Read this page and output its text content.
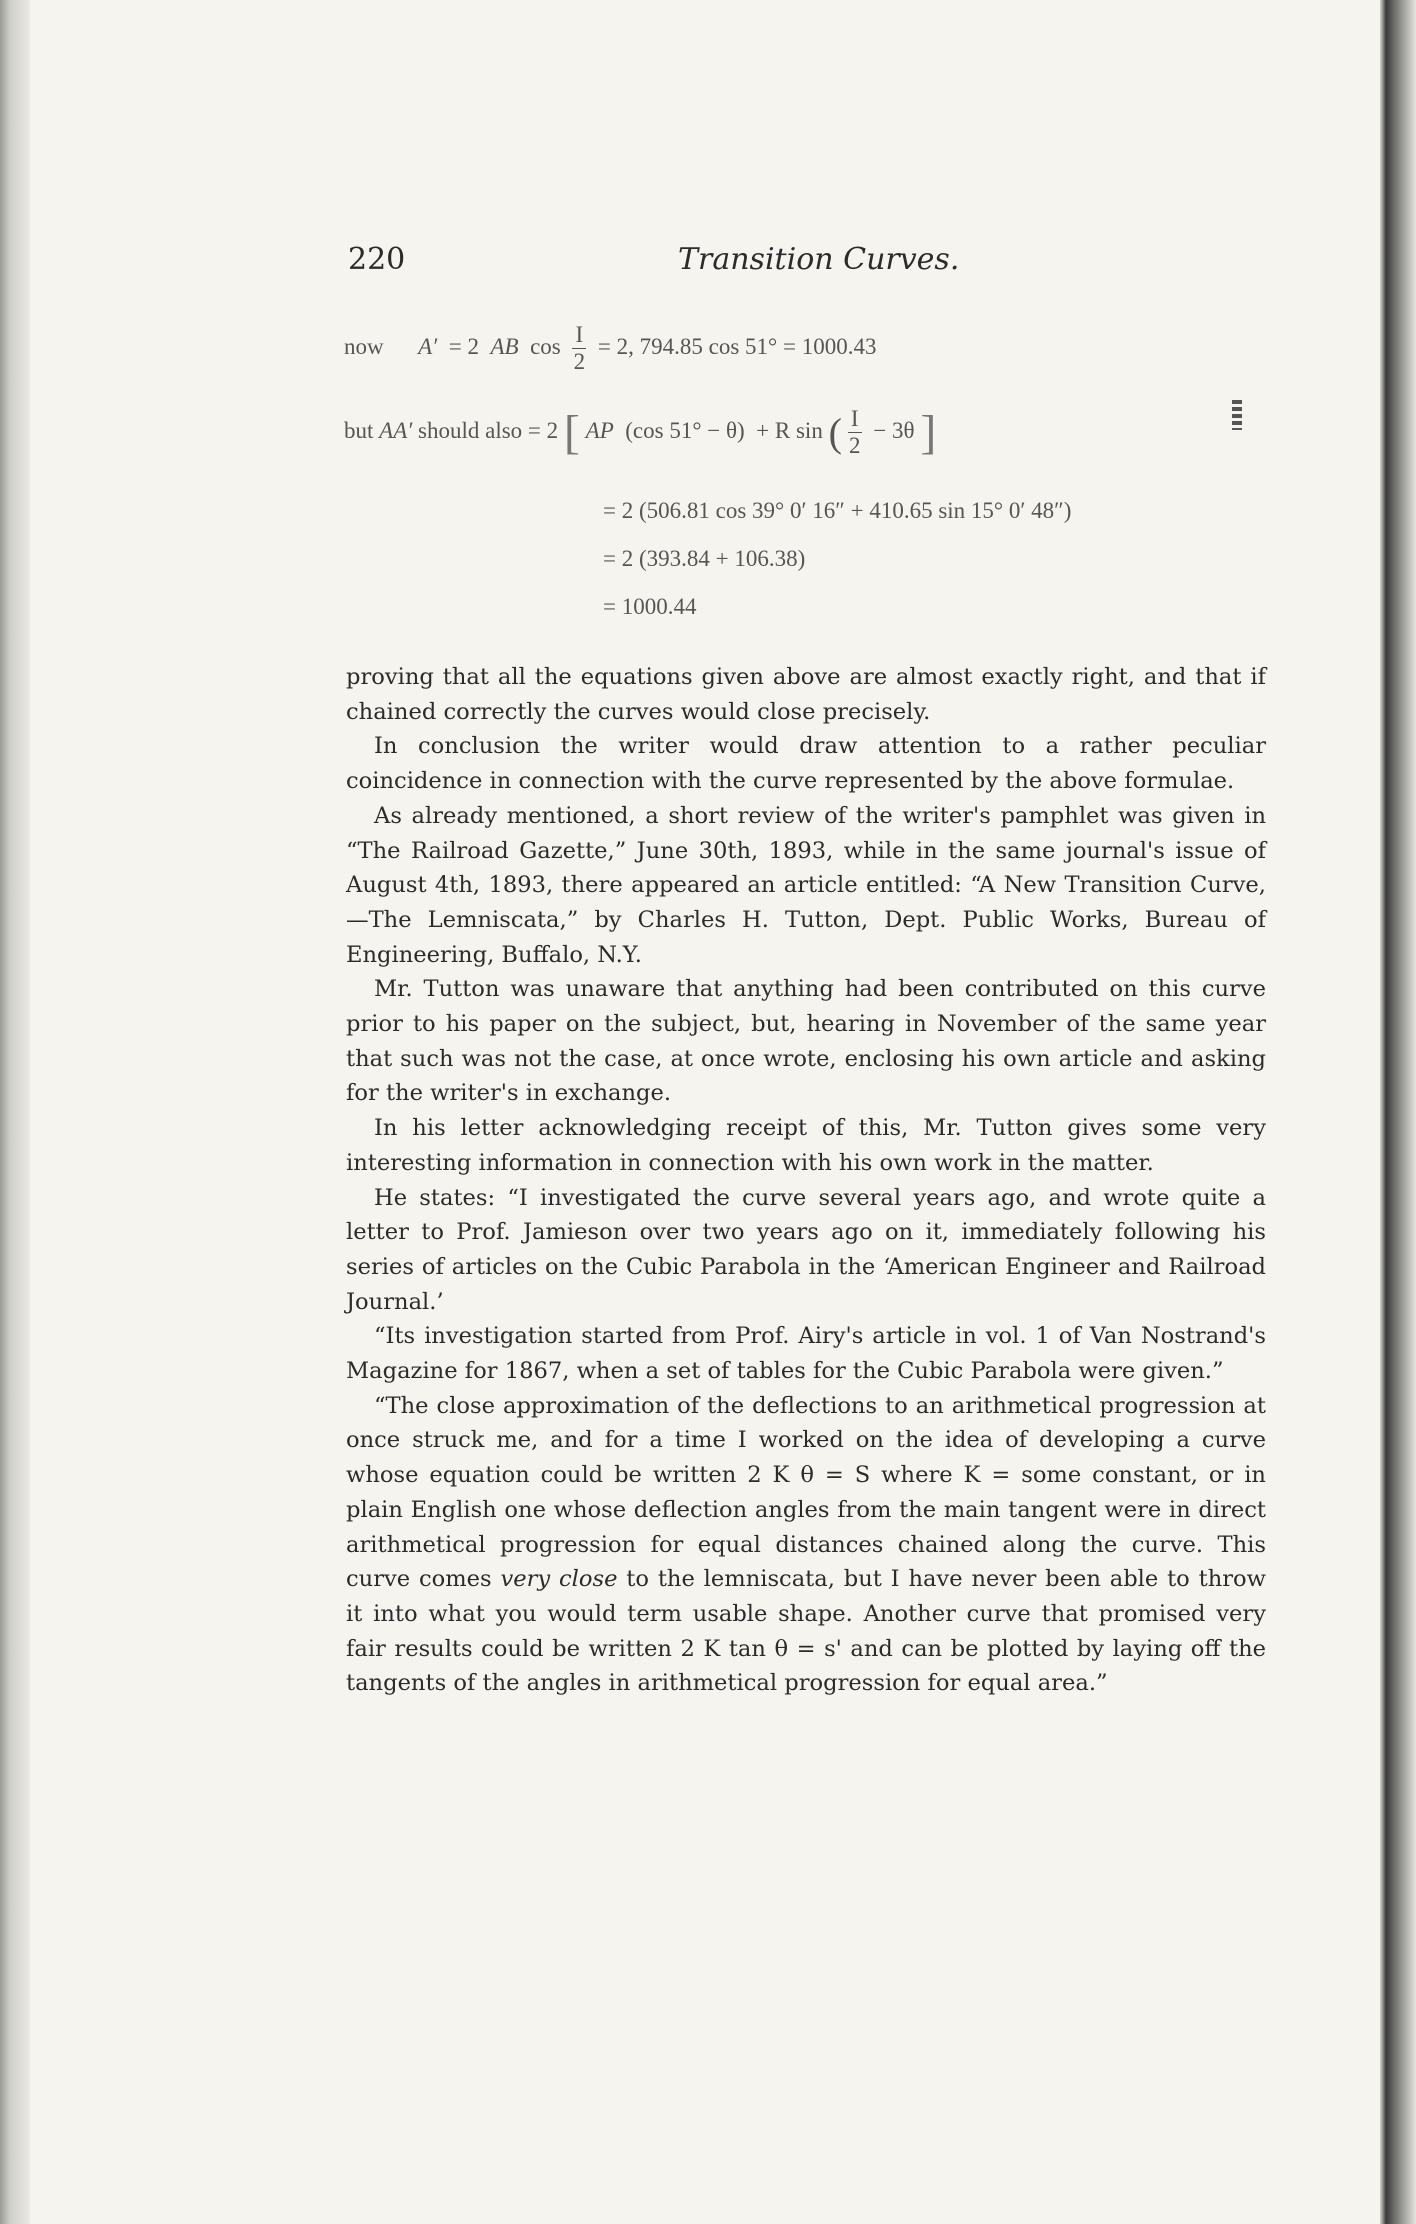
220	Transition Curves.
now A′ = 2 AB $\cos \frac{I}{2} = 2$, 794.85 cos 51° = 1000.43
but AA′ should also = 2 [ AP (cos 51° − θ) + R sin ( $\frac{I}{2} - 3\theta$ ]
= 2 (506.81 cos 39° 0′ 16″ + 410.65 sin 15° 0′ 48″)
= 2 (393.84 + 106.38)
= 1000.44

proving that all the equations given above are almost exactly right, and that if chained correctly the curves would close precisely.

In conclusion the writer would draw attention to a rather peculiar coincidence in connection with the curve represented by the above formulae.

As already mentioned, a short review of the writer's pamphlet was given in “The Railroad Gazette,” June 30th, 1893, while in the same journal's issue of August 4th, 1893, there appeared an article entitled: “A New Transition Curve,—The Lemniscata,” by Charles H. Tutton, Dept. Public Works, Bureau of Engineering, Buffalo, N.Y.

Mr. Tutton was unaware that anything had been contributed on this curve prior to his paper on the subject, but, hearing in November of the same year that such was not the case, at once wrote, enclosing his own article and asking for the writer's in exchange.

In his letter acknowledging receipt of this, Mr. Tutton gives some very interesting information in connection with his own work in the matter.

He states: “I investigated the curve several years ago, and wrote quite a letter to Prof. Jamieson over two years ago on it, immediately following his series of articles on the Cubic Parabola in the ‘American Engineer and Railroad Journal.’

“Its investigation started from Prof. Airy's article in vol. 1 of Van Nostrand's Magazine for 1867, when a set of tables for the Cubic Parabola were given.”

“The close approximation of the deflections to an arithmetical progression at once struck me, and for a time I worked on the idea of developing a curve whose equation could be written 2 K θ = S where K = some constant, or in plain English one whose deflection angles from the main tangent were in direct arithmetical progression for equal distances chained along the curve. This curve comes very close to the lemniscata, but I have never been able to throw it into what you would term usable shape. Another curve that promised very fair results could be written 2 K tan θ = s' and can be plotted by laying off the tangents of the angles in arithmetical progression for equal area.”
